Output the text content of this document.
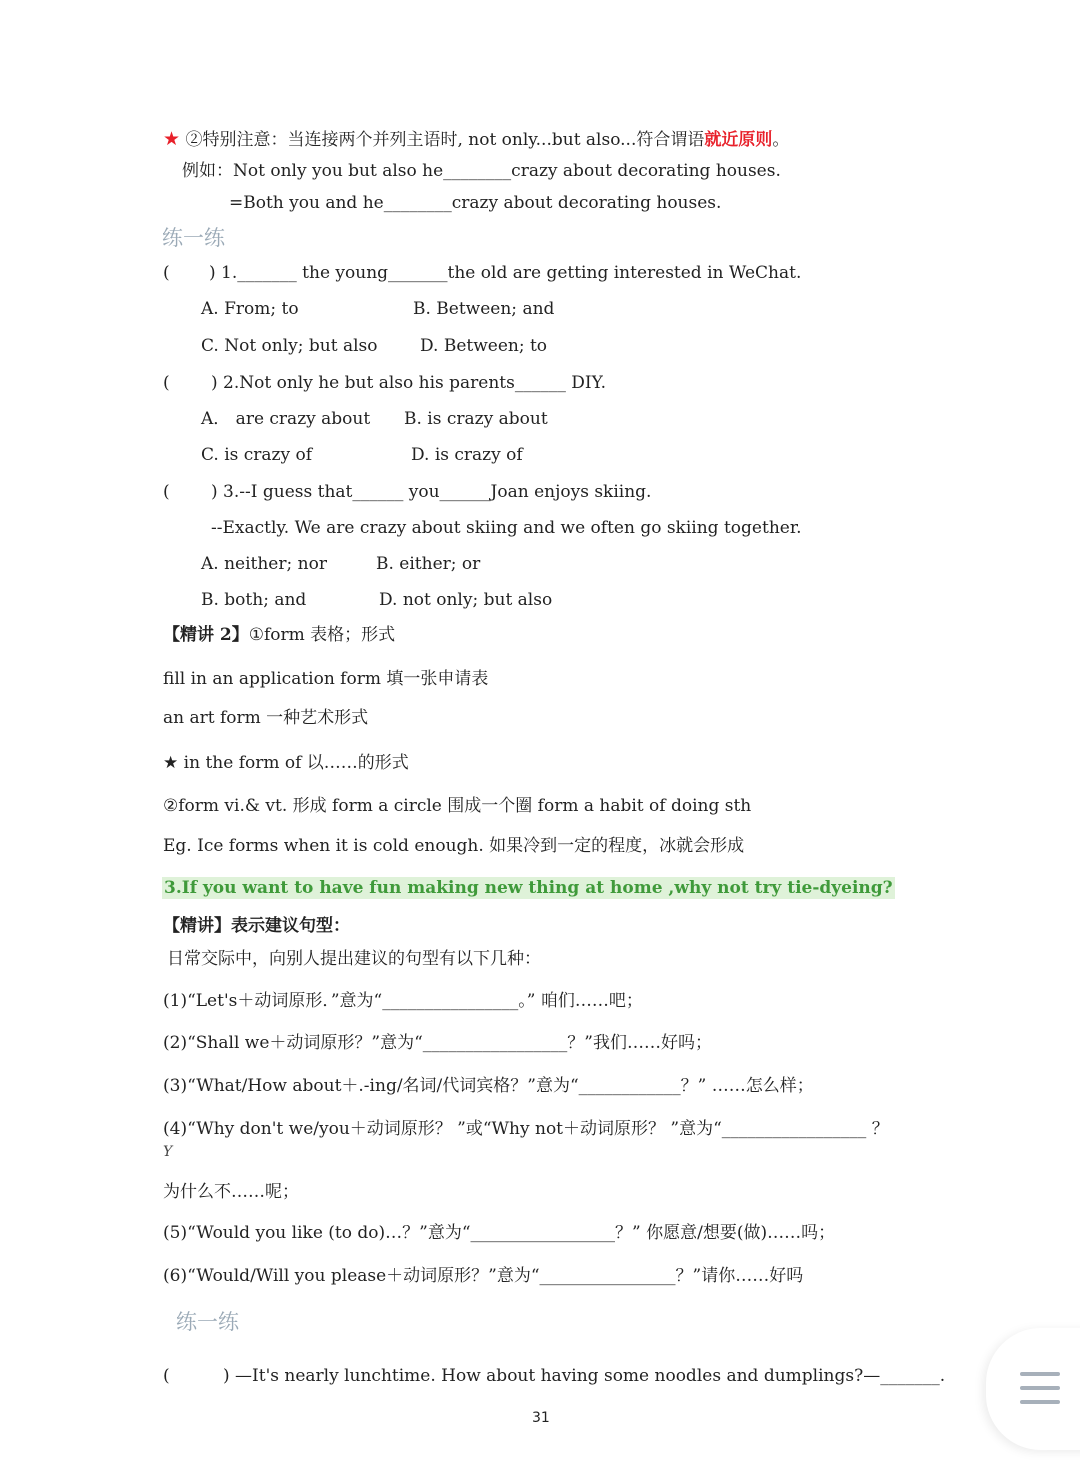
★ ②特别注意：当连接两个并列主语时, not only...but also...符合谓语就近原则。
例如：Not only you but also he________crazy about decorating houses.
=Both you and he________crazy about decorating houses.
练一练
( ) 1._______ the young_______the old are getting interested in WeChat.
A. From; to	B. Between; and
C. Not only; but also D. Between; to
( ) 2.Not only he but also his parents______ DIY.
A． are crazy about B. is crazy about
C. is crazy of	D. is crazy of
( ) 3.--I guess that______ you______Joan enjoys skiing.
--Exactly. We are crazy about skiing and we often go skiing together.
A. neither; nor	B. either; or
B. both; and	D. not only; but also
【精讲 2】①form 表格；形式
fill in an application form 填一张申请表
an art form 一种艺术形式
★ in the form of 以……的形式
②form vi.& vt. 形成 form a circle 围成一个圈 form a habit of doing sth
Eg. Ice forms when it is cold enough. 如果冷到一定的程度，冰就会形成
3.If you want to have fun making new thing at home ,why not try tie-dyeing?
【精讲】表示建议句型：
日常交际中，向别人提出建议的句型有以下几种：
(1)“Let's＋动词原形．”意为“________________。” 咱们……吧；
(2)“Shall we＋动词原形？”意为“_________________？”我们……好吗；
(3)“What/How about＋.-ing/名词/代词宾格？”意为“____________？” ……怎么样；
(4)“Why don't we/you＋动词原形？ ”或“Why not＋动词原形？ ”意为“_________________ ？
Y
为什么不……呢；
(5)“Would you like (to do)…？”意为“_________________？” 你愿意/想要(做)……吗；
(6)“Would/Will you please＋动词原形？”意为“________________？”请你……好吗
练一练
(	) —It's nearly lunchtime. How about having some noodles and dumplings?—_______.
31
